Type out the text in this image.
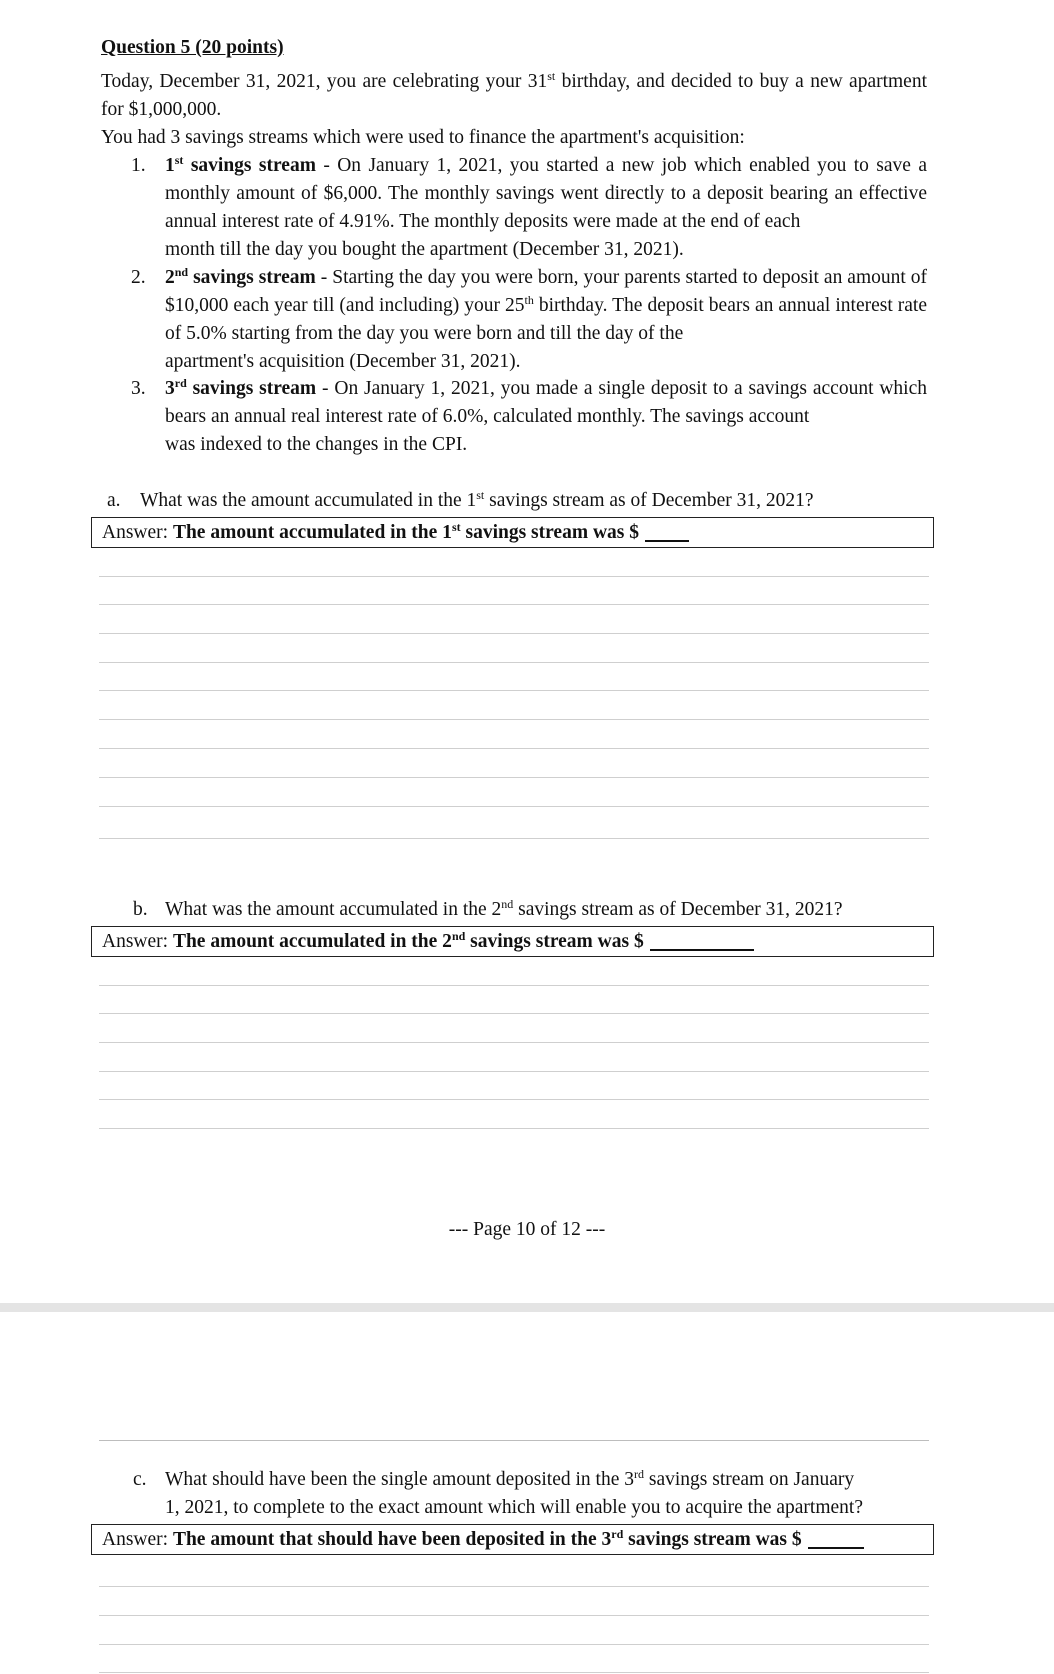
Question 5 (20 points)
Today, December 31, 2021, you are celebrating your 31st birthday, and decided to buy a new apartment for $1,000,000.
You had 3 savings streams which were used to finance the apartment's acquisition:
1. 1st savings stream - On January 1, 2021, you started a new job which enabled you to save a monthly amount of $6,000. The monthly savings went directly to a deposit bearing an effective annual interest rate of 4.91%. The monthly deposits were made at the end of each

month till the day you bought the apartment (December 31, 2021).

2. 2nd savings stream - Starting the day you were born, your parents started to deposit an amount of $10,000 each year till (and including) your 25th birthday. The deposit bears an annual interest rate of 5.0% starting from the day you were born and till the day of the

apartment's acquisition (December 31, 2021).

3. 3rd savings stream - On January 1, 2021, you made a single deposit to a savings account which bears an annual real interest rate of 6.0%, calculated monthly. The savings account

was indexed to the changes in the CPI.

a. What was the amount accumulated in the 1st savings stream as of December 31, 2021?
Answer: The amount accumulated in the 1st savings stream was $
b. What was the amount accumulated in the 2nd savings stream as of December 31, 2021?
Answer: The amount accumulated in the 2nd savings stream was $
--- Page 10 of 12 ---
c. What should have been the single amount deposited in the 3rd savings stream on January

1, 2021, to complete to the exact amount which will enable you to acquire the apartment?

Answer: The amount that should have been deposited in the 3rd savings stream was $
